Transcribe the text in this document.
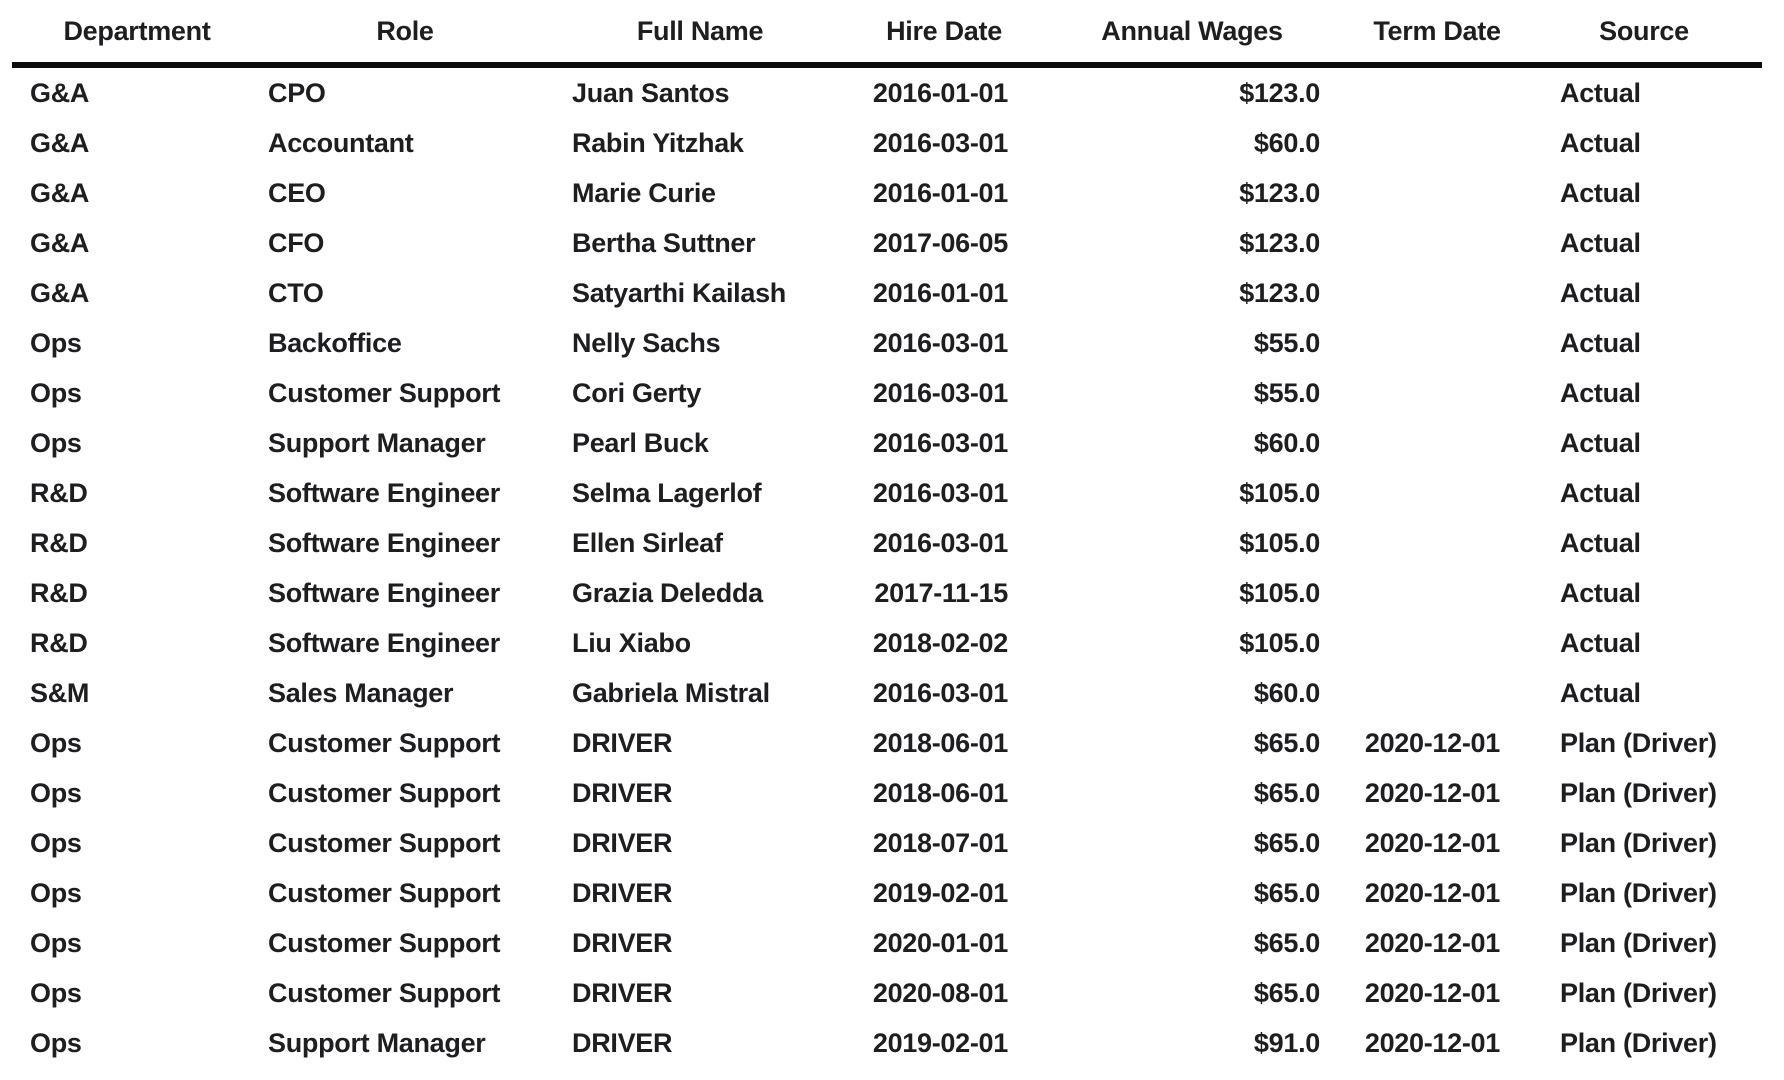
Department	Role	Full Name	Hire Date	Annual Wages	Term Date	Source
G&A	CPO	Juan Santos	2016-01-01	$123.0		Actual
G&A	Accountant	Rabin Yitzhak	2016-03-01	$60.0		Actual
G&A	CEO	Marie Curie	2016-01-01	$123.0		Actual
G&A	CFO	Bertha Suttner	2017-06-05	$123.0		Actual
G&A	CTO	Satyarthi Kailash	2016-01-01	$123.0		Actual
Ops	Backoffice	Nelly Sachs	2016-03-01	$55.0		Actual
Ops	Customer Support	Cori Gerty	2016-03-01	$55.0		Actual
Ops	Support Manager	Pearl Buck	2016-03-01	$60.0		Actual
R&D	Software Engineer	Selma Lagerlof	2016-03-01	$105.0		Actual
R&D	Software Engineer	Ellen Sirleaf	2016-03-01	$105.0		Actual
R&D	Software Engineer	Grazia Deledda	2017-11-15	$105.0		Actual
R&D	Software Engineer	Liu Xiabo	2018-02-02	$105.0		Actual
S&M	Sales Manager	Gabriela Mistral	2016-03-01	$60.0		Actual
Ops	Customer Support	DRIVER	2018-06-01	$65.0	2020-12-01	Plan (Driver)
Ops	Customer Support	DRIVER	2018-06-01	$65.0	2020-12-01	Plan (Driver)
Ops	Customer Support	DRIVER	2018-07-01	$65.0	2020-12-01	Plan (Driver)
Ops	Customer Support	DRIVER	2019-02-01	$65.0	2020-12-01	Plan (Driver)
Ops	Customer Support	DRIVER	2020-01-01	$65.0	2020-12-01	Plan (Driver)
Ops	Customer Support	DRIVER	2020-08-01	$65.0	2020-12-01	Plan (Driver)
Ops	Support Manager	DRIVER	2019-02-01	$91.0	2020-12-01	Plan (Driver)
